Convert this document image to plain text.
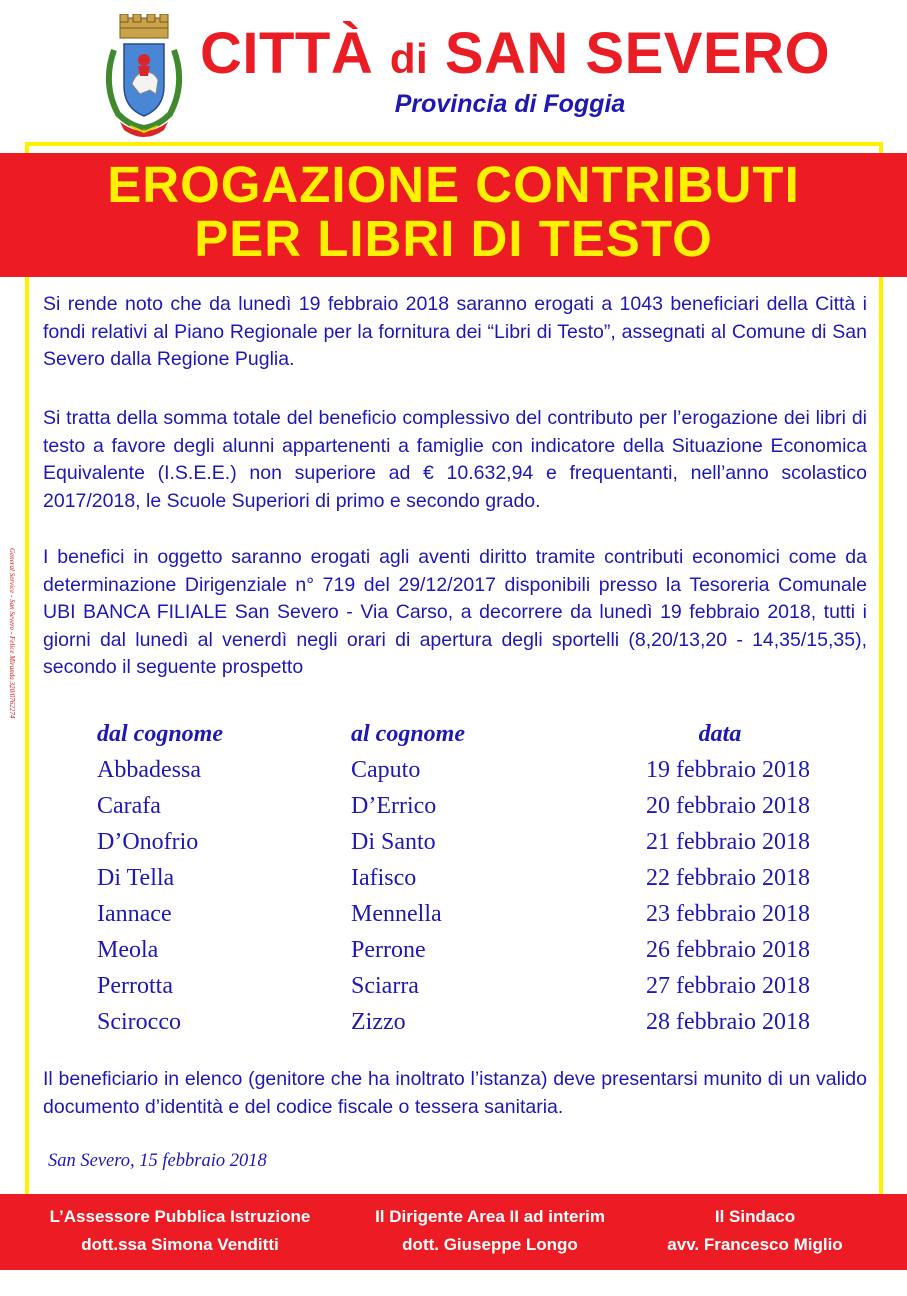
CITTÀ di SAN SEVERO
Provincia di Foggia
EROGAZIONE CONTRIBUTI
PER LIBRI DI TESTO
Si rende noto che da lunedì 19 febbraio 2018 saranno erogati a 1043 beneficiari della Città i fondi relativi al Piano Regionale per la fornitura dei “Libri di Testo”, assegnati al Comune di San Severo dalla Regione Puglia.
Si tratta della somma totale del beneficio complessivo del contributo per l’erogazione dei libri di testo a favore degli alunni appartenenti a famiglie con indicatore della Situazione Economica Equivalente (I.S.E.E.) non superiore ad € 10.632,94 e frequentanti, nell’anno scolastico 2017/2018, le Scuole Superiori di primo e secondo grado.
I benefici in oggetto saranno erogati agli aventi diritto tramite contributi economici come da determinazione Dirigenziale n° 719 del 29/12/2017 disponibili presso la Tesoreria Comunale UBI BANCA FILIALE San Severo - Via Carso, a decorrere da lunedì 19 febbraio 2018, tutti i giorni dal lunedì al venerdì negli orari di apertura degli sportelli (8,20/13,20 - 14,35/15,35), secondo il seguente prospetto
dal cognome
Abbadessa
Carafa
D’Onofrio
Di Tella
Iannace
Meola
Perrotta
Scirocco
al cognome
Caputo
D’Errico
Di Santo
Iafisco
Mennella
Perrone
Sciarra
Zizzo
data
19 febbraio 2018
20 febbraio 2018
21 febbraio 2018
22 febbraio 2018
23 febbraio 2018
26 febbraio 2018
27 febbraio 2018
28 febbraio 2018
Il beneficiario in elenco (genitore che ha inoltrato l’istanza) deve presentarsi munito di un valido documento d’identità e del codice fiscale o tessera sanitaria.
San Severo, 15 febbraio 2018
L’Assessore Pubblica Istruzione
dott.ssa Simona Venditti
Il Dirigente Area II ad interim
dott. Giuseppe Longo
Il Sindaco
avv. Francesco Miglio
General Service - San Severo - Felice Miranda 320/0762274
